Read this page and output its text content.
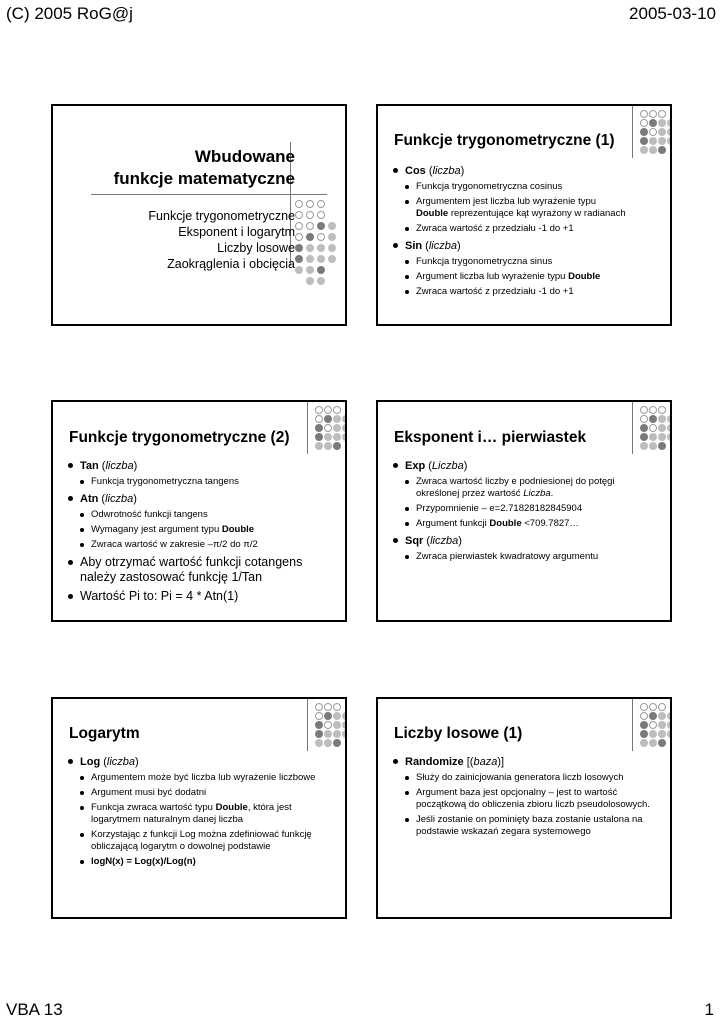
(C) 2005 RoG@j	2005-03-10
VBA 13	1
Wbudowane
funkcje matematyczne
Funkcje trygonometryczne
Eksponent i logarytm
Liczby losowe
Zaokrąglenia i obcięcia
Funkcje trygonometryczne (1)
Cos (liczba)
Funkcja trygonometryczna cosinus
Argumentem jest liczba lub wyrażenie typu
Double reprezentujące kąt wyrażony w radianach
Zwraca wartość z przedziału -1 do +1
Sin (liczba)
Funkcja trygonometryczna sinus
Argument liczba lub wyrażenie typu Double
Zwraca wartość z przedziału -1 do +1
Funkcje trygonometryczne (2)
Tan (liczba)
Funkcja trygonometryczna tangens
Atn (liczba)
Odwrotność funkcji tangens
Wymagany jest argument typu Double
Zwraca wartość w zakresie –π/2 do π/2
Aby otrzymać wartość funkcji cotangens należy zastosować funkcję 1/Tan
Wartość Pi to: Pi = 4 * Atn(1)
Eksponent i… pierwiastek
Exp (Liczba)
Zwraca wartość liczby e podniesionej do potęgi określonej przez wartość Liczba.
Przypomnienie – e=2.71828182845904
Argument funkcji Double <709.7827…
Sqr (liczba)
Zwraca pierwiastek kwadratowy argumentu
Logarytm
Log (liczba)
Argumentem może być liczba lub wyrażenie liczbowe
Argument musi być dodatni
Funkcja zwraca wartość typu Double, która jest logarytmem naturalnym danej liczba
Korzystając z funkcji Log można zdefiniować funkcję obliczającą logarytm o dowolnej podstawie
logN(x) = Log(x)/Log(n)
Liczby losowe (1)
Randomize [(baza)]
Służy do zainicjowania generatora liczb losowych
Argument baza jest opcjonalny – jest to wartość początkową do obliczenia zbioru liczb pseudolosowych.
Jeśli zostanie on pominięty baza zostanie ustalona na podstawie wskazań zegara systemowego
